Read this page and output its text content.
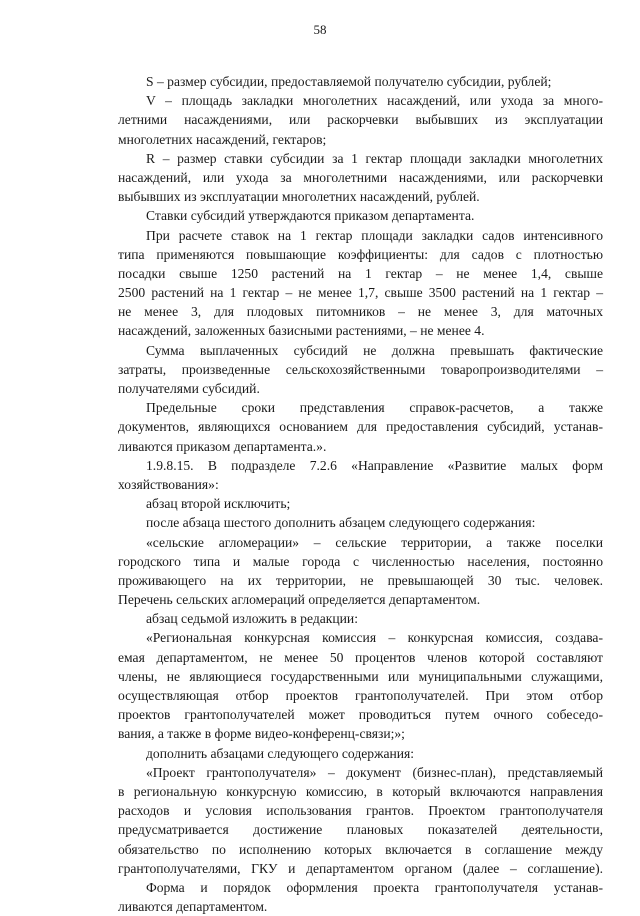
58
S – размер субсидии, предоставляемой получателю субсидии, рублей;
V – площадь закладки многолетних насаждений, или ухода за много-
летними насаждениями, или раскорчевки выбывших из эксплуатации
многолетних насаждений, гектаров;
R – размер ставки субсидии за 1 гектар площади закладки многолетних
насаждений, или ухода за многолетними насаждениями, или раскорчевки
выбывших из эксплуатации многолетних насаждений, рублей.
Ставки субсидий утверждаются приказом департамента.
При расчете ставок на 1 гектар площади закладки садов интенсивного
типа применяются повышающие коэффициенты: для садов с плотностью
посадки свыше 1250 растений на 1 гектар – не менее 1,4, свыше
2500 растений на 1 гектар – не менее 1,7, свыше 3500 растений на 1 гектар –
не менее 3, для плодовых питомников – не менее 3, для маточных
насаждений, заложенных базисными растениями, – не менее 4.
Сумма выплаченных субсидий не должна превышать фактические
затраты, произведенные сельскохозяйственными товаропроизводителями –
получателями субсидий.
Предельные сроки представления справок-расчетов, а также
документов, являющихся основанием для предоставления субсидий, устанав-
ливаются приказом департамента.».
1.9.8.15. В подразделе 7.2.6 «Направление «Развитие малых форм
хозяйствования»:
абзац второй исключить;
после абзаца шестого дополнить абзацем следующего содержания:
«сельские агломерации» – сельские территории, а также поселки
городского типа и малые города с численностью населения, постоянно
проживающего на их территории, не превышающей 30 тыс. человек.
Перечень сельских агломераций определяется департаментом.
абзац седьмой изложить в редакции:
«Региональная конкурсная комиссия – конкурсная комиссия, создава-
емая департаментом, не менее 50 процентов членов которой составляют
члены, не являющиеся государственными или муниципальными служащими,
осуществляющая отбор проектов грантополучателей. При этом отбор
проектов грантополучателей может проводиться путем очного собеседо-
вания, а также в форме видео-конференц-связи;»;
дополнить абзацами следующего содержания:
«Проект грантополучателя» – документ (бизнес-план), представляемый
в региональную конкурсную комиссию, в который включаются направления
расходов и условия использования грантов. Проектом грантополучателя
предусматривается достижение плановых показателей деятельности,
обязательство по исполнению которых включается в соглашение между
грантополучателями, ГКУ и департаментом органом (далее – соглашение).
Форма и порядок оформления проекта грантополучателя устанав-
ливаются департаментом.
